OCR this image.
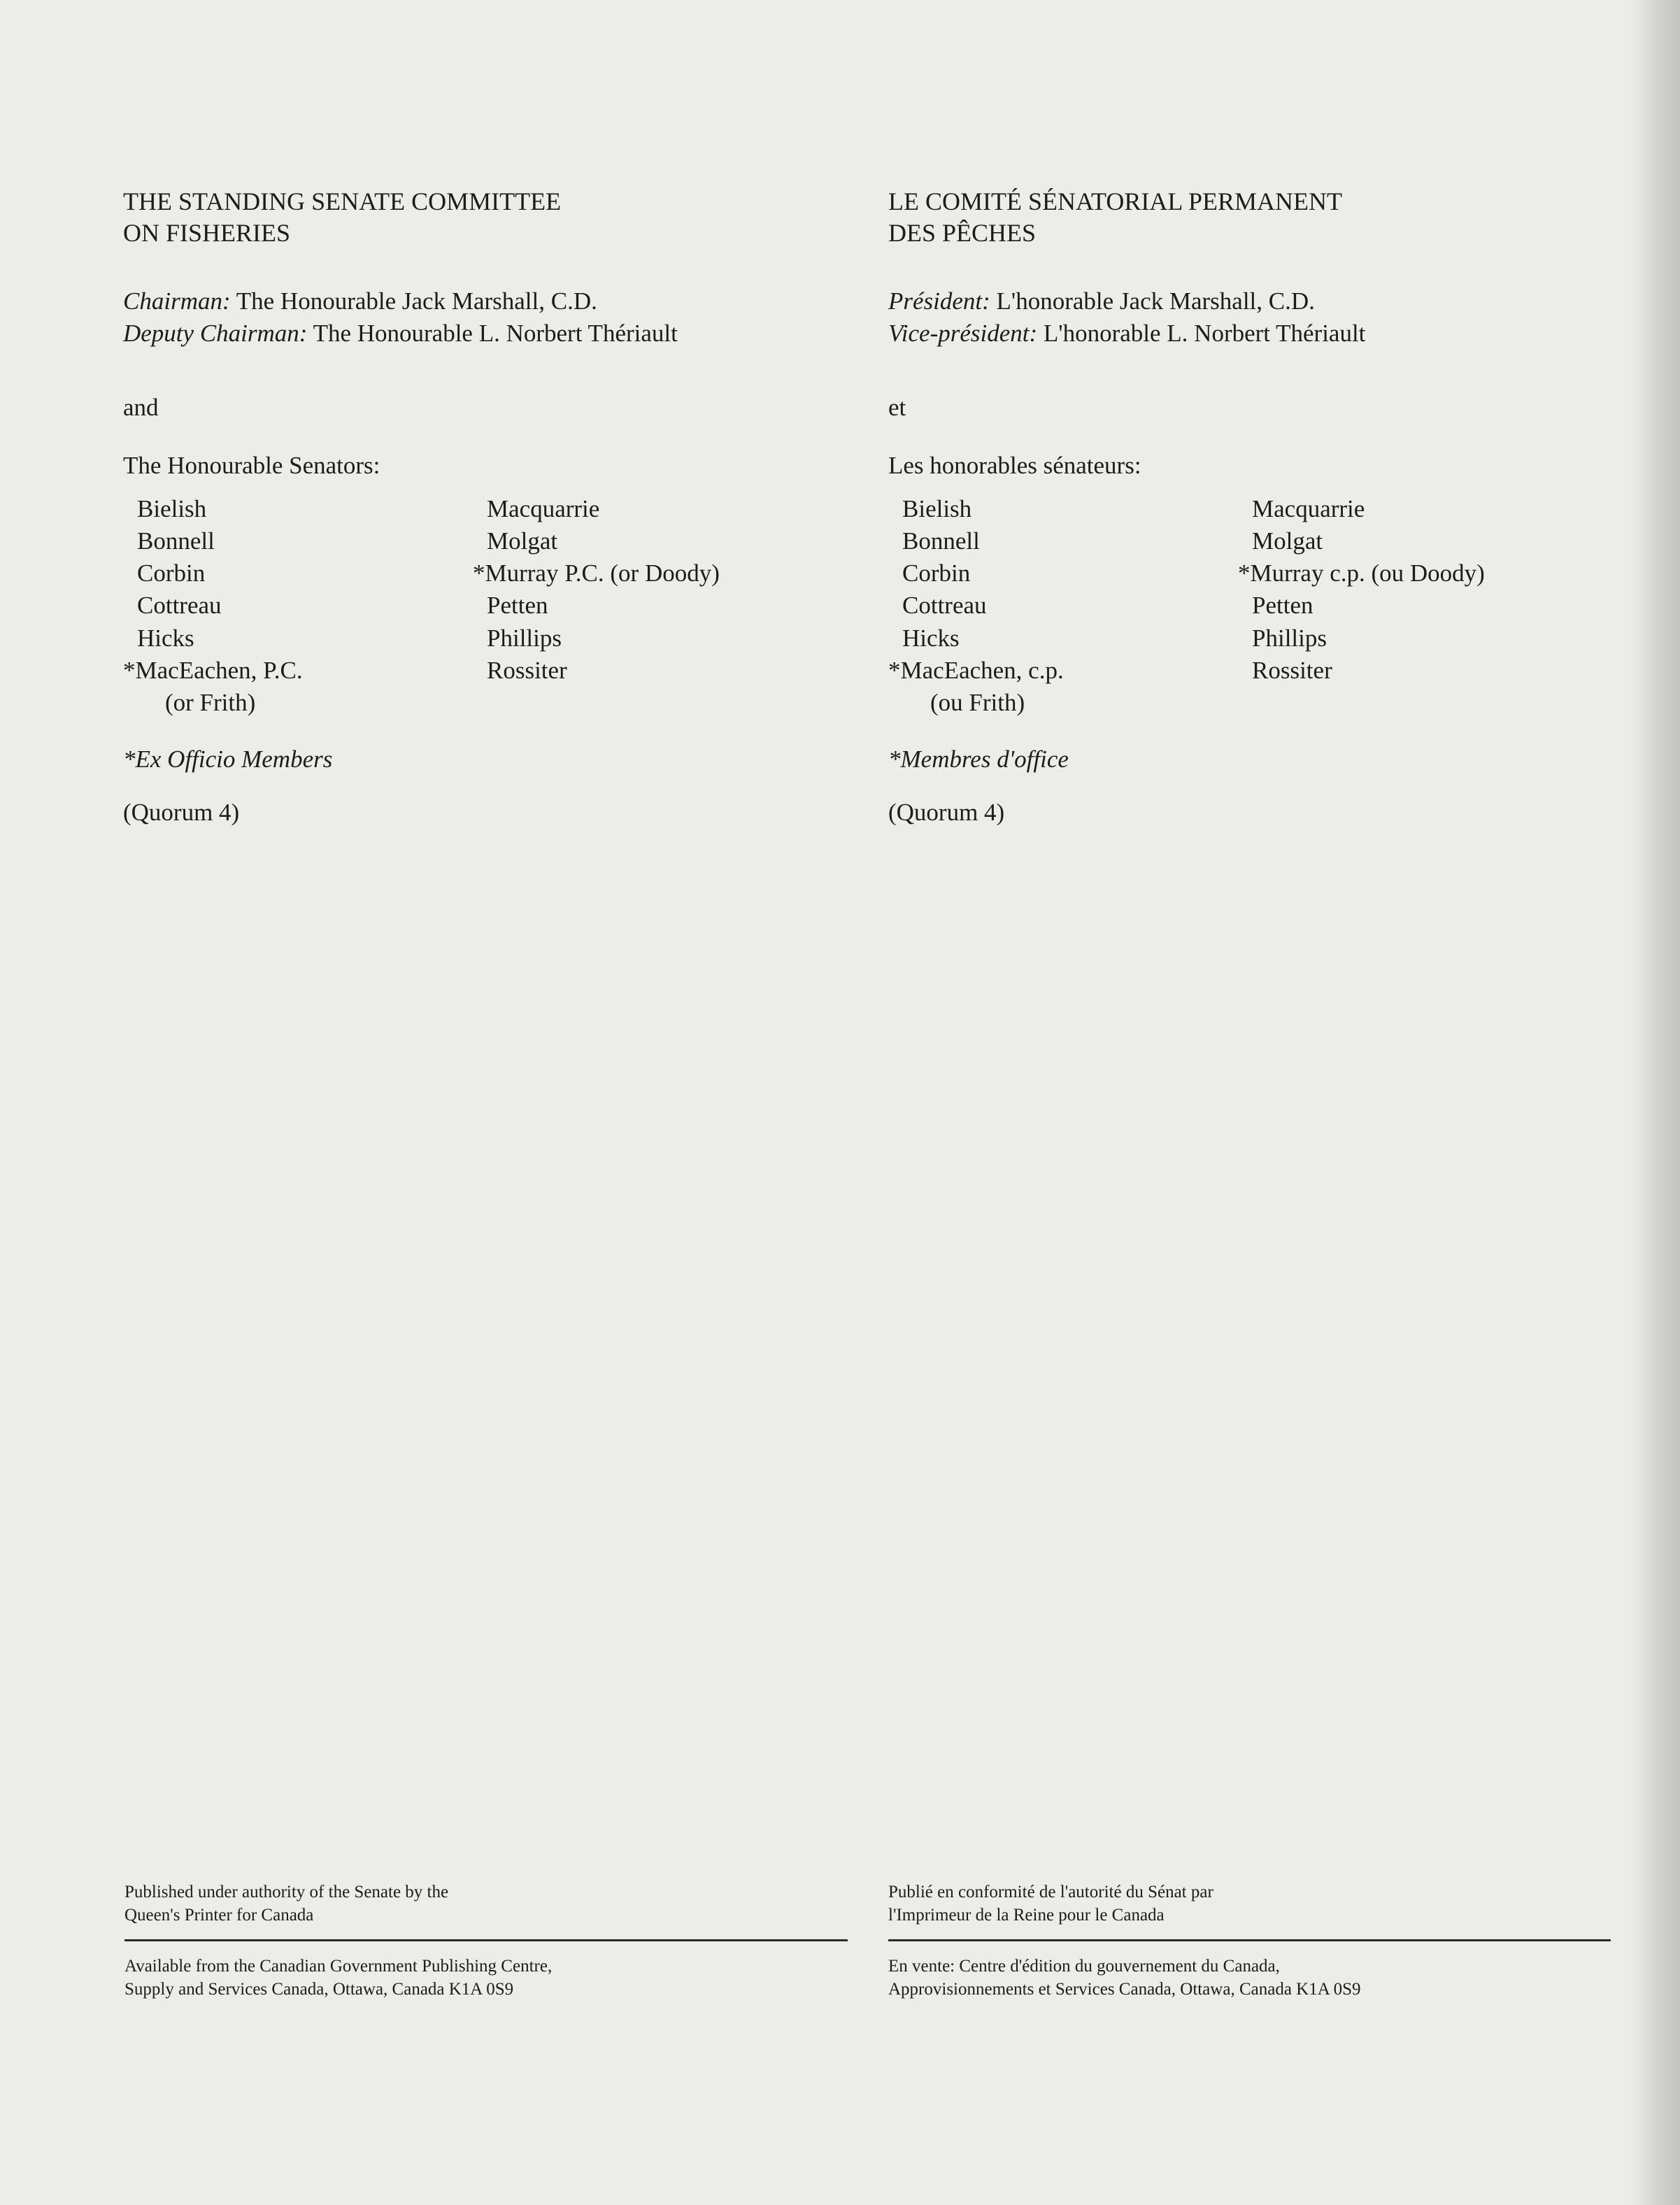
THE STANDING SENATE COMMITTEE
ON FISHERIES
Chairman: The Honourable Jack Marshall, C.D.
Deputy Chairman: The Honourable L. Norbert Thériault
and
The Honourable Senators:
Bielish
Bonnell
Corbin
Cottreau
Hicks
*MacEachen, P.C.
(or Frith)
Macquarrie
Molgat
*Murray P.C. (or Doody)
Petten
Phillips
Rossiter
*Ex Officio Members
(Quorum 4)
LE COMITÉ SÉNATORIAL PERMANENT
DES PÊCHES
Président: L'honorable Jack Marshall, C.D.
Vice-président: L'honorable L. Norbert Thériault
et
Les honorables sénateurs:
Bielish
Bonnell
Corbin
Cottreau
Hicks
*MacEachen, c.p.
(ou Frith)
Macquarrie
Molgat
*Murray c.p. (ou Doody)
Petten
Phillips
Rossiter
*Membres d'office
(Quorum 4)
Published under authority of the Senate by the
Queen's Printer for Canada
Available from the Canadian Government Publishing Centre,
Supply and Services Canada, Ottawa, Canada K1A 0S9
Publié en conformité de l'autorité du Sénat par
l'Imprimeur de la Reine pour le Canada
En vente: Centre d'édition du gouvernement du Canada,
Approvisionnements et Services Canada, Ottawa, Canada K1A 0S9
